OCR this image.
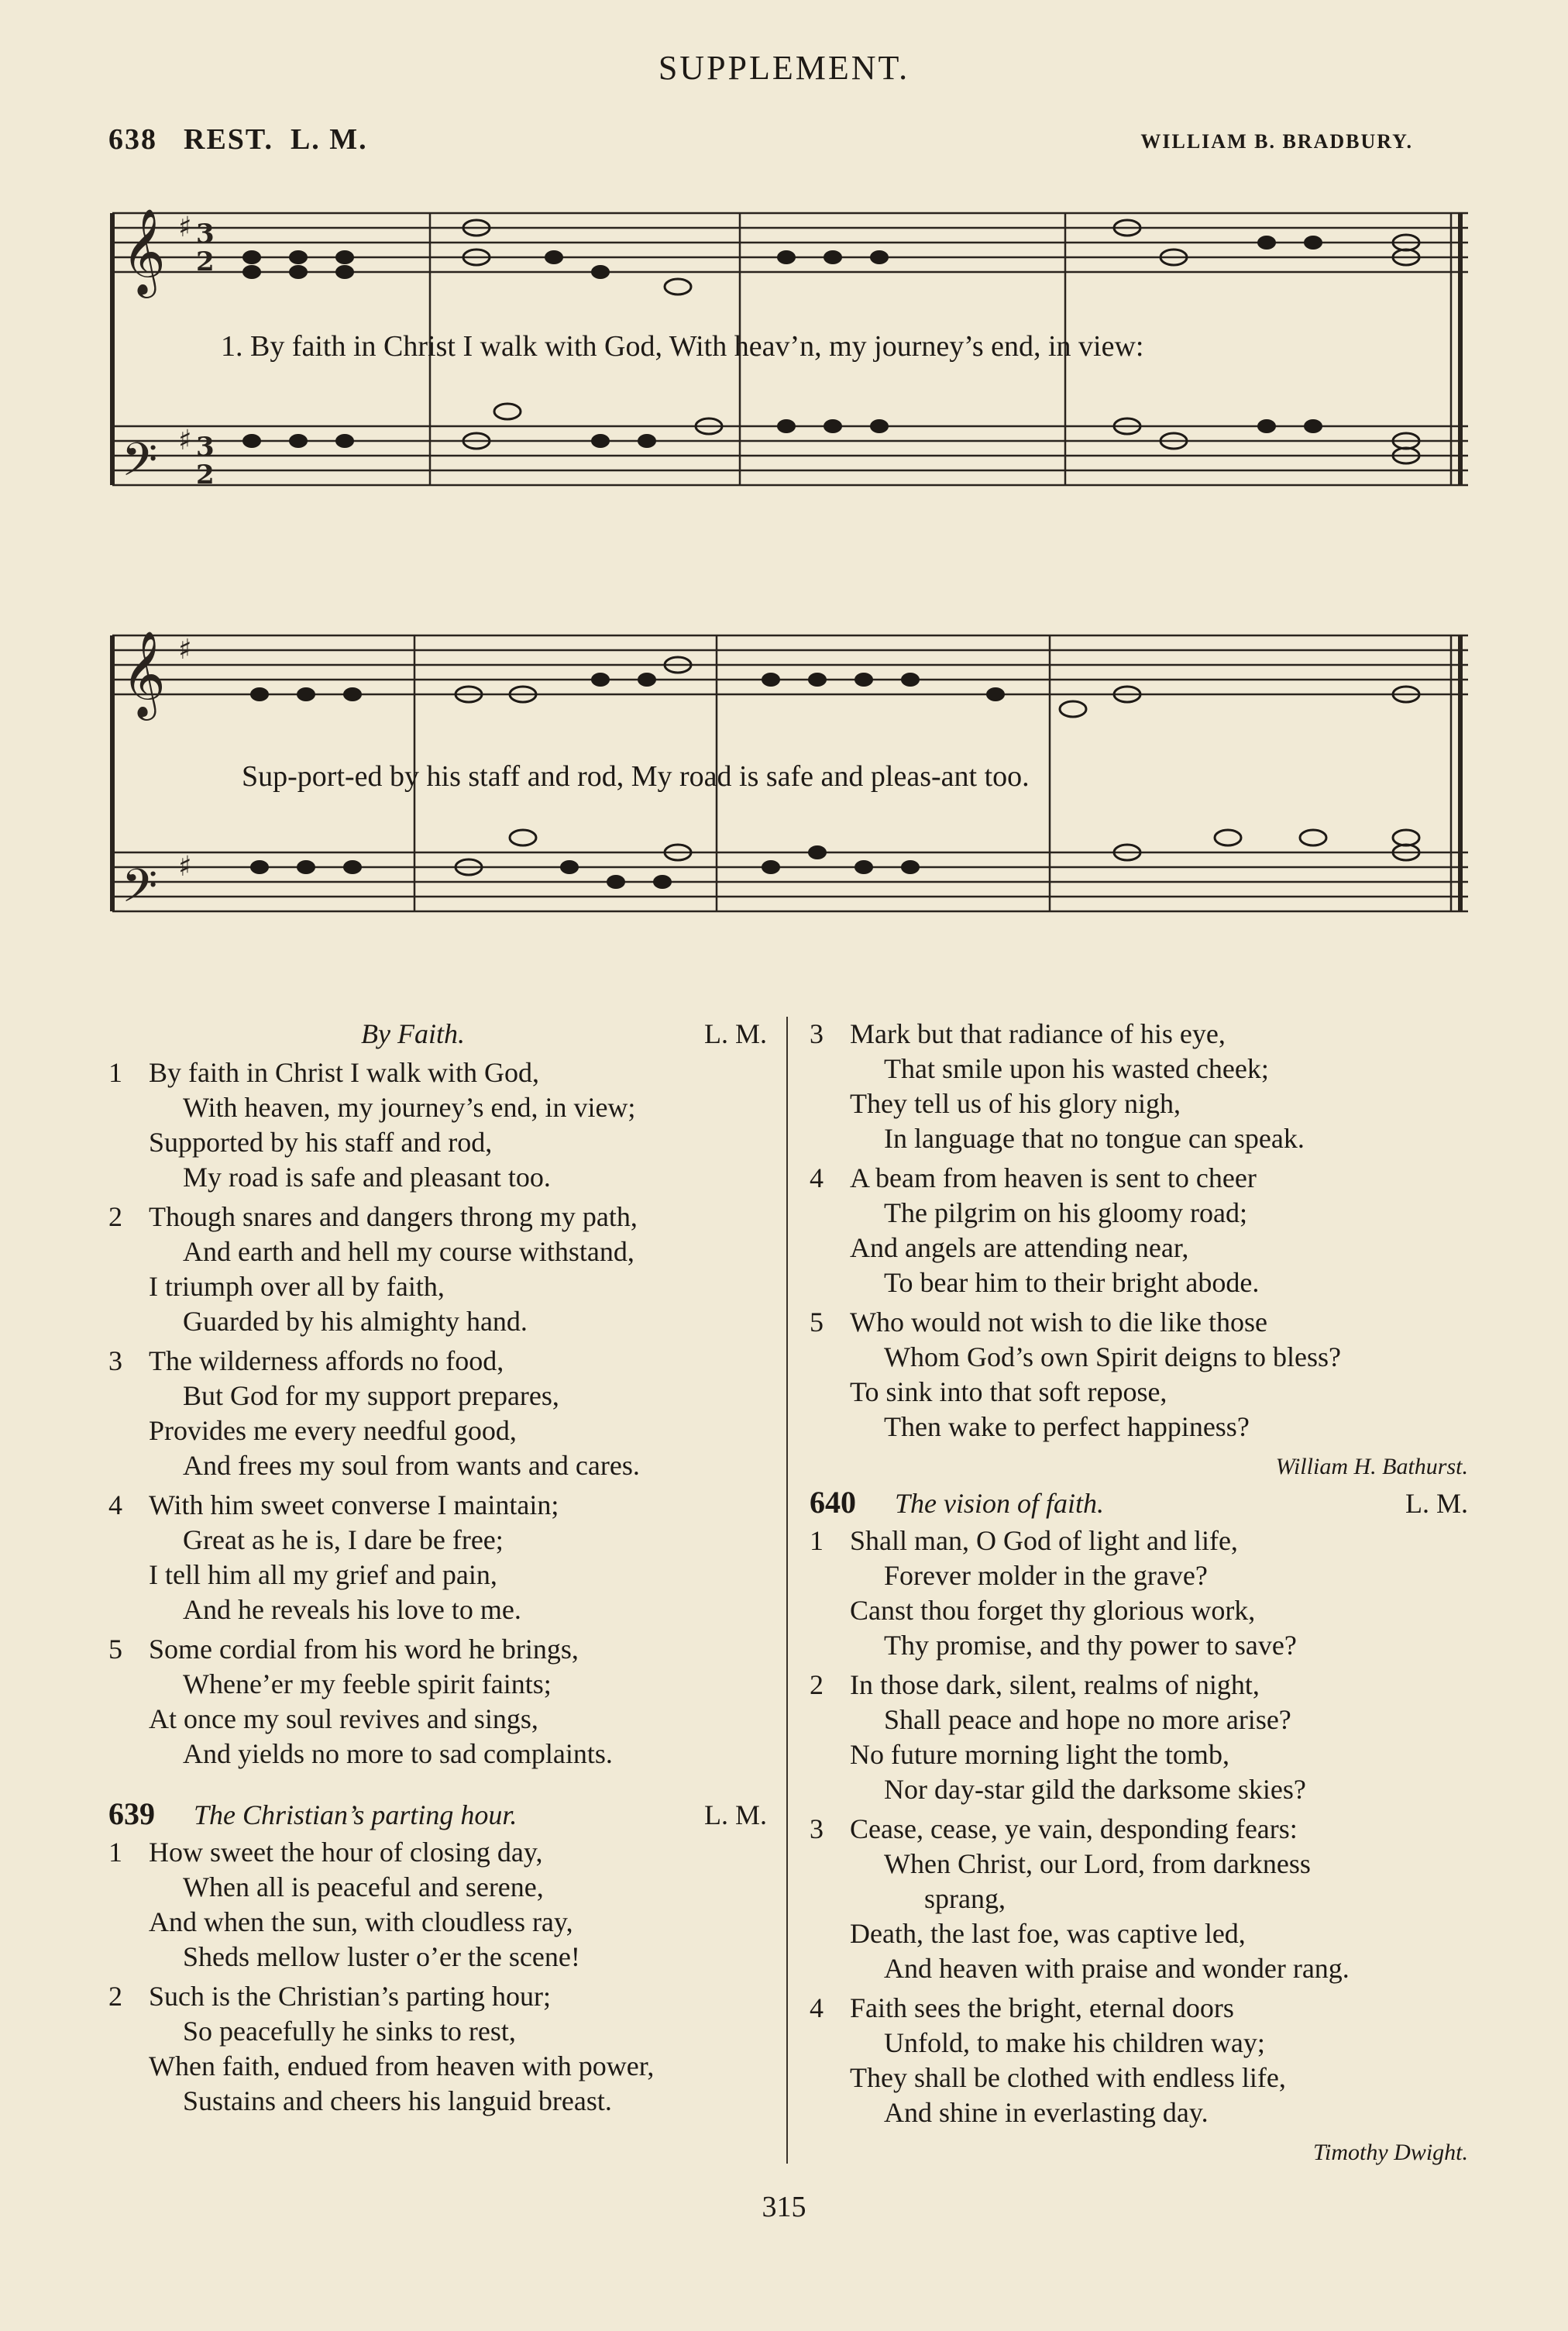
SUPPLEMENT.
638 REST. L. M.	WILLIAM B. BRADBURY.
𝄞
𝄢
𝄞
𝄢
♯
♯
♯
♯
3
2
3
2
1. By faith in Christ I walk with God, With heav’n, my journey’s end, in view:
Sup-port-ed by his staff and rod, My road is safe and pleas-ant too.
By Faith.	L. M.
1 By faith in Christ I walk with God,
With heaven, my journey’s end, in view;
Supported by his staff and rod,
My road is safe and pleasant too.
2 Though snares and dangers throng my path,
And earth and hell my course withstand,
I triumph over all by faith,
Guarded by his almighty hand.
3 The wilderness affords no food,
But God for my support prepares,
Provides me every needful good,
And frees my soul from wants and cares.
4 With him sweet converse I maintain;
Great as he is, I dare be free;
I tell him all my grief and pain,
And he reveals his love to me.
5 Some cordial from his word he brings,
Whene’er my feeble spirit faints;
At once my soul revives and sings,
And yields no more to sad complaints.
639	The Christian’s parting hour.	L. M.
1 How sweet the hour of closing day,
When all is peaceful and serene,
And when the sun, with cloudless ray,
Sheds mellow luster o’er the scene!
2 Such is the Christian’s parting hour;
So peacefully he sinks to rest,
When faith, endued from heaven with power,
Sustains and cheers his languid breast.
3 Mark but that radiance of his eye,
That smile upon his wasted cheek;
They tell us of his glory nigh,
In language that no tongue can speak.
4 A beam from heaven is sent to cheer
The pilgrim on his gloomy road;
And angels are attending near,
To bear him to their bright abode.
5 Who would not wish to die like those
Whom God’s own Spirit deigns to bless?
To sink into that soft repose,
Then wake to perfect happiness?
William H. Bathurst.
640	The vision of faith.	L. M.
1 Shall man, O God of light and life,
Forever molder in the grave?
Canst thou forget thy glorious work,
Thy promise, and thy power to save?
2 In those dark, silent, realms of night,
Shall peace and hope no more arise?
No future morning light the tomb,
Nor day-star gild the darksome skies?
3 Cease, cease, ye vain, desponding fears:
When Christ, our Lord, from darkness
sprang,
Death, the last foe, was captive led,
And heaven with praise and wonder rang.
4 Faith sees the bright, eternal doors
Unfold, to make his children way;
They shall be clothed with endless life,
And shine in everlasting day.
Timothy Dwight.
315
